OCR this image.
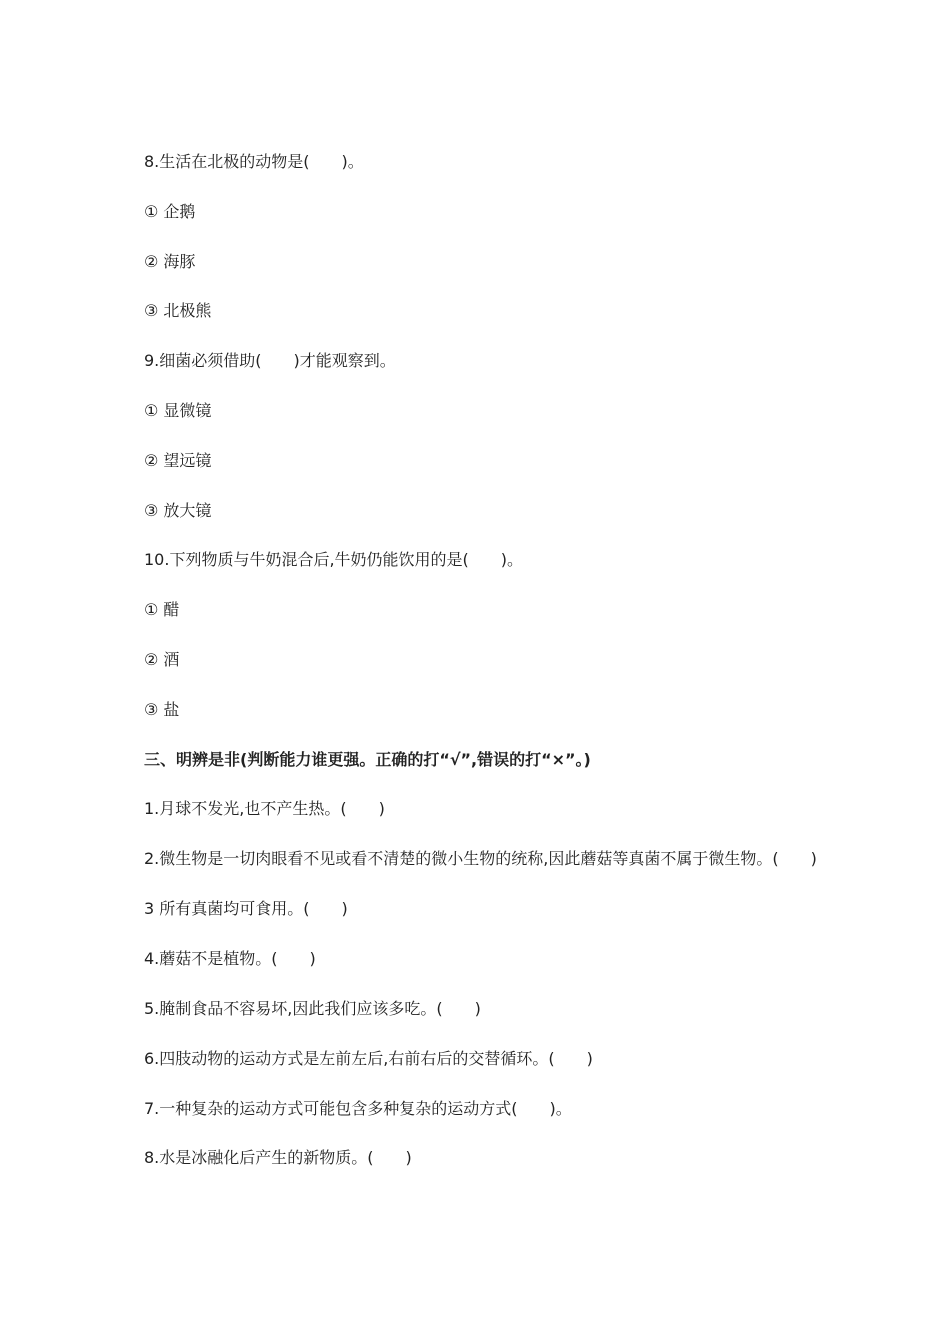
8.生活在北极的动物是(　　)。
① 企鹅
② 海豚
③ 北极熊
9.细菌必须借助(　　)才能观察到。
① 显微镜
② 望远镜
③ 放大镜
10.下列物质与牛奶混合后,牛奶仍能饮用的是(　　)。
① 醋
② 酒
③ 盐
三、明辨是非(判断能力谁更强。正确的打“√”,错误的打“×”。)
1.月球不发光,也不产生热。(　　)
2.微生物是一切肉眼看不见或看不清楚的微小生物的统称,因此蘑菇等真菌不属于微生物。(　　)
3 所有真菌均可食用。(　　)
4.蘑菇不是植物。(　　)
5.腌制食品不容易坏,因此我们应该多吃。(　　)
6.四肢动物的运动方式是左前左后,右前右后的交替循环。(　　)
7.一种复杂的运动方式可能包含多种复杂的运动方式(　　)。
8.水是冰融化后产生的新物质。(　　)
